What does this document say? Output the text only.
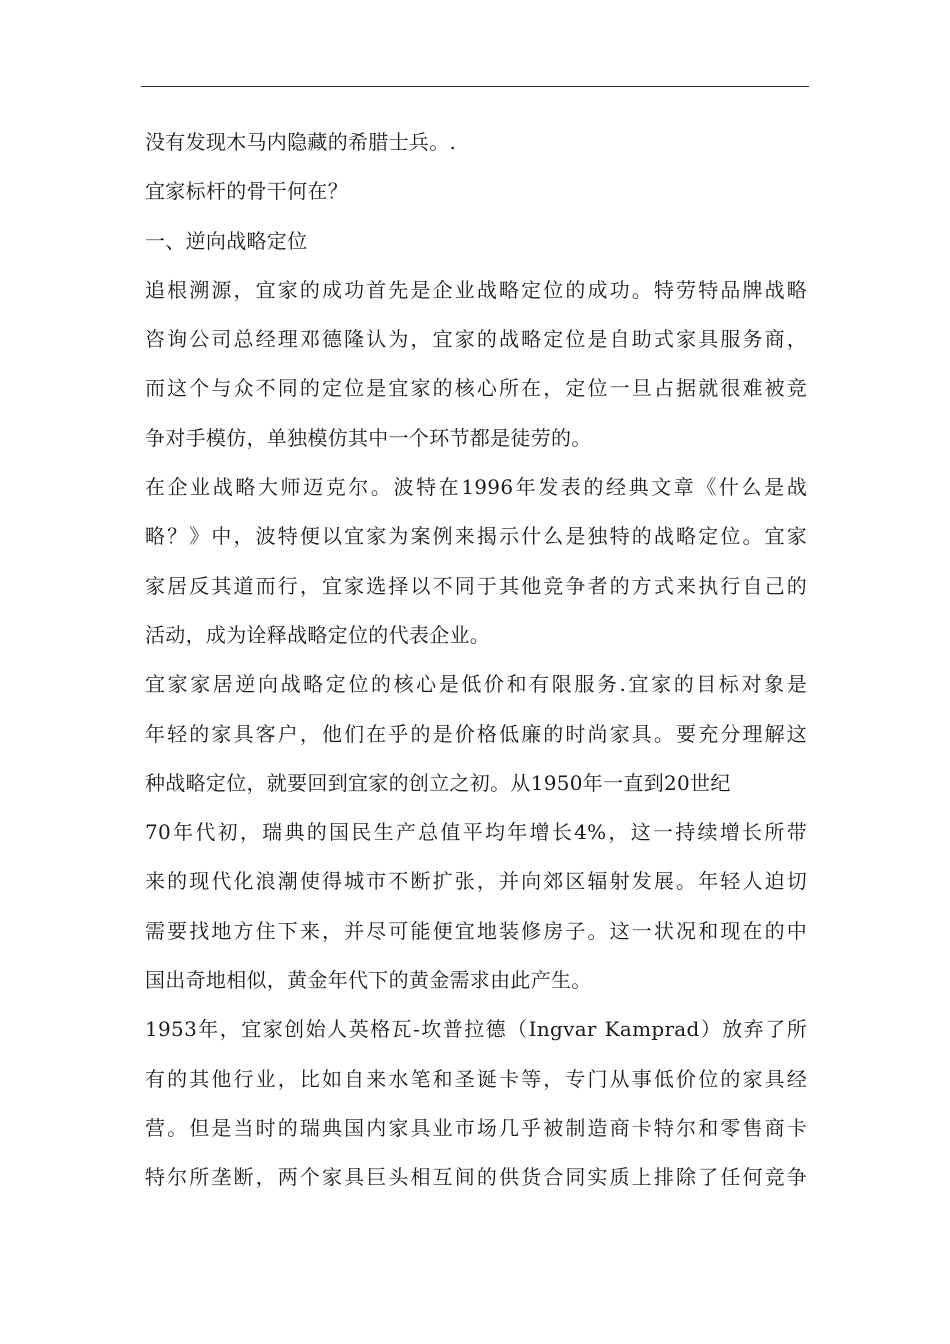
没有发现木马内隐藏的希腊士兵。.
宜家标杆的骨干何在？
一、逆向战略定位
追根溯源，宜家的成功首先是企业战略定位的成功。特劳特品牌战略
咨询公司总经理邓德隆认为，宜家的战略定位是自助式家具服务商，
而这个与众不同的定位是宜家的核心所在，定位一旦占据就很难被竞
争对手模仿，单独模仿其中一个环节都是徒劳的。
在企业战略大师迈克尔。波特在1996年发表的经典文章《什么是战
略？》中，波特便以宜家为案例来揭示什么是独特的战略定位。宜家
家居反其道而行，宜家选择以不同于其他竞争者的方式来执行自己的
活动，成为诠释战略定位的代表企业。
宜家家居逆向战略定位的核心是低价和有限服务.宜家的目标对象是
年轻的家具客户，他们在乎的是价格低廉的时尚家具。要充分理解这
种战略定位，就要回到宜家的创立之初。从1950年一直到20世纪
70年代初，瑞典的国民生产总值平均年增长4%，这一持续增长所带
来的现代化浪潮使得城市不断扩张，并向郊区辐射发展。年轻人迫切
需要找地方住下来，并尽可能便宜地装修房子。这一状况和现在的中
国出奇地相似，黄金年代下的黄金需求由此产生。
1953年，宜家创始人英格瓦-坎普拉德（Ingvar Kamprad）放弃了所
有的其他行业，比如自来水笔和圣诞卡等，专门从事低价位的家具经
营。但是当时的瑞典国内家具业市场几乎被制造商卡特尔和零售商卡
特尔所垄断，两个家具巨头相互间的供货合同实质上排除了任何竞争
